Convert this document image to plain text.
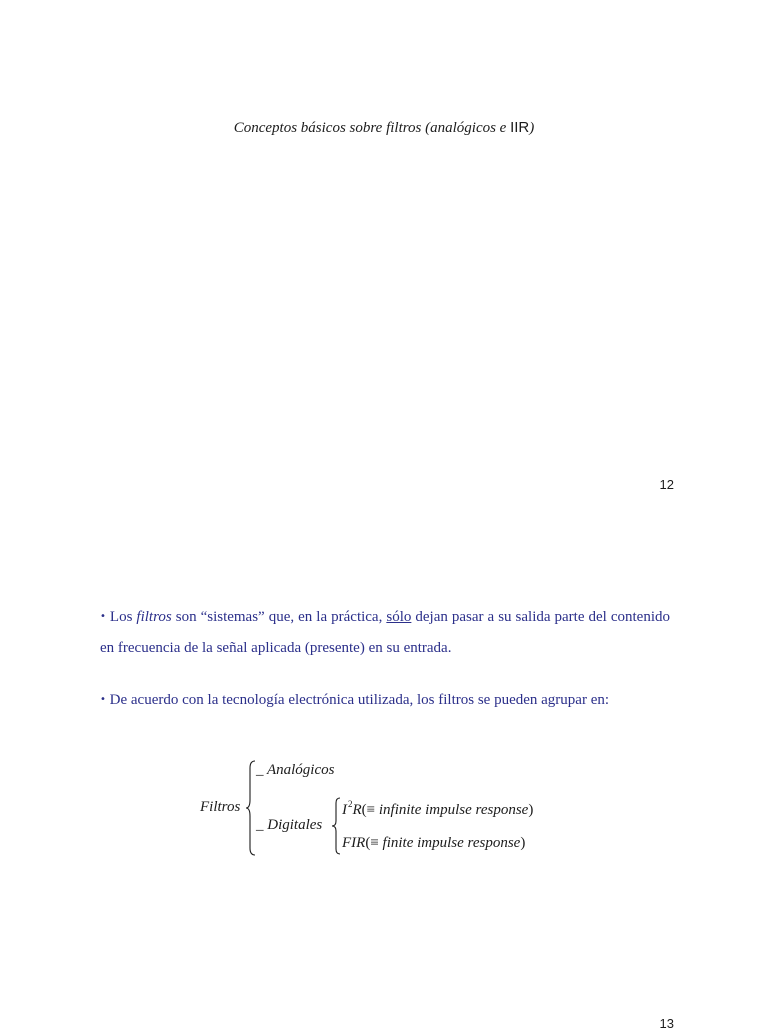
Conceptos básicos sobre filtros (analógicos e IIR)
12
• Los filtros son “sistemas” que, en la práctica, sólo dejan pasar a su salida parte del contenido en frecuencia de la señal aplicada (presente) en su entrada.
• De acuerdo con la tecnología electrónica utilizada, los filtros se pueden agrupar en:
Filtros
_ Analógicos
_ Digitales
$I^2R(\equiv$ infinite impulse response)
FIR(≡ finite impulse response)
13
